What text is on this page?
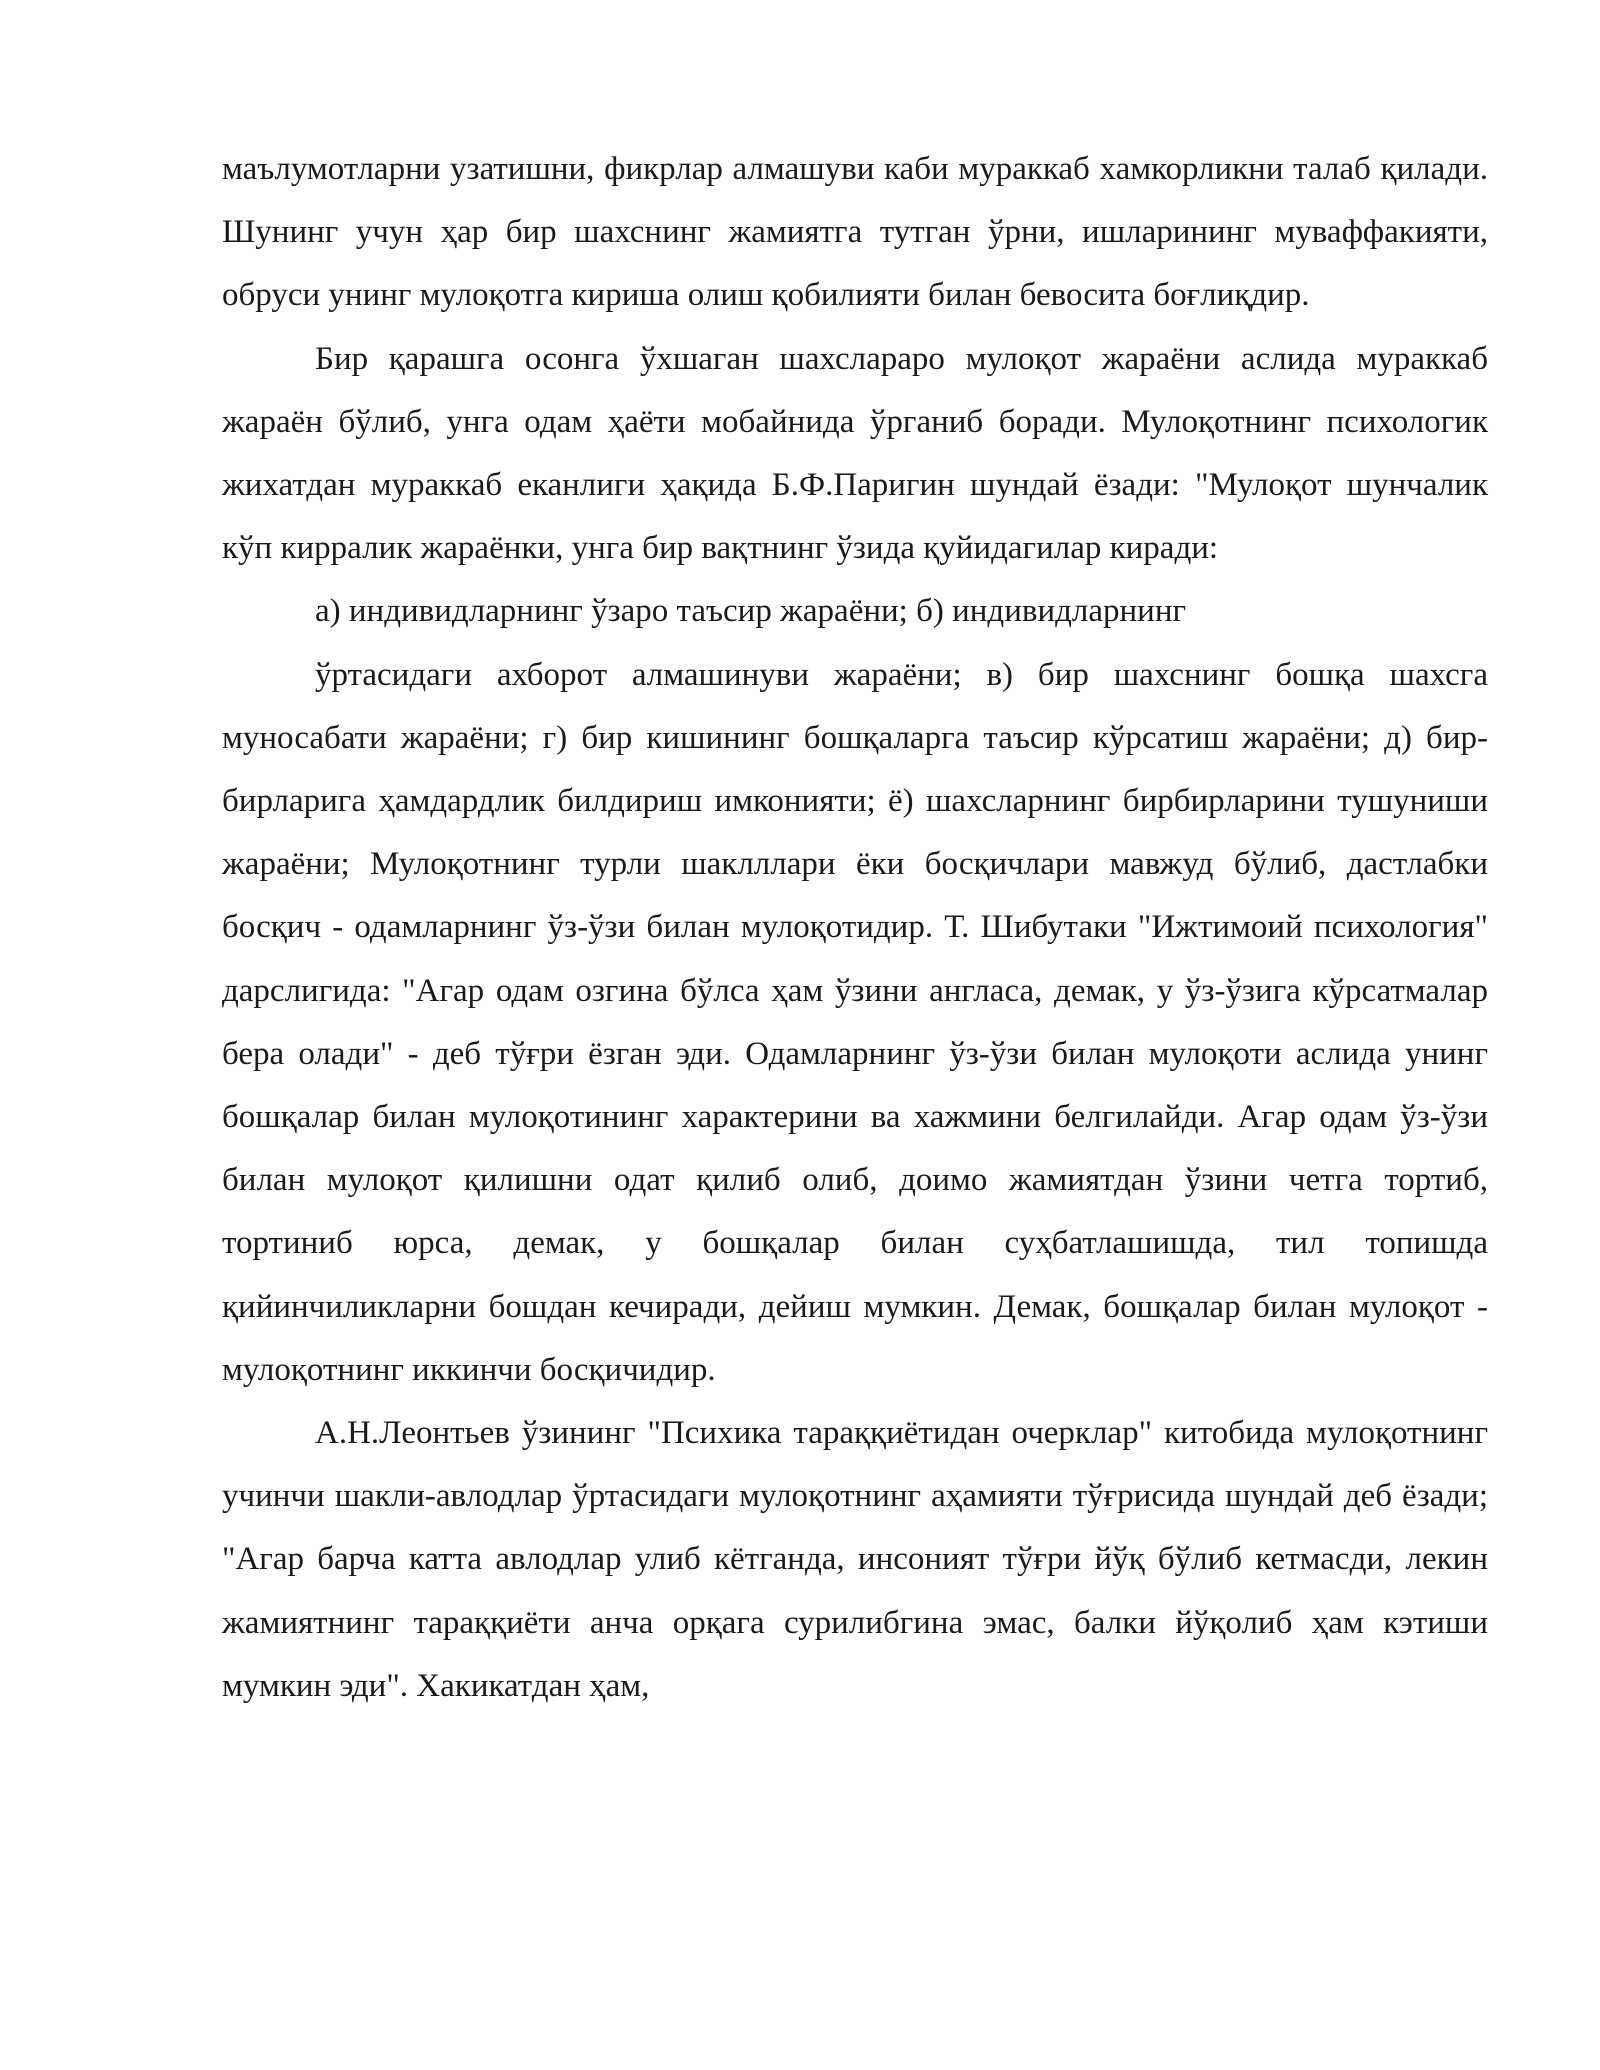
маълумотларни узатишни, фикрлар алмашуви каби мураккаб хамкорликни талаб қилади. Шунинг учун ҳар бир шахснинг жамиятга тутган ўрни, ишларининг муваффакияти, обруси унинг мулоқотга кириша олиш қобилияти билан бевосита боғлиқдир.

Бир қарашга осонга ўхшаган шахслараро мулоқот жараёни аслида мураккаб жараён бўлиб, унга одам ҳаёти мобайнида ўрганиб боради. Мулоқотнинг психологик жихатдан мураккаб еканлиги ҳақида Б.Ф.Паригин шундай ёзади: "Мулоқот шунчалик кўп кирралик жараёнки, унга бир вақтнинг ўзида қуйидагилар киради:

а) индивидларнинг ўзаро таъсир жараёни; б) индивидларнинг

ўртасидаги ахборот алмашинуви жараёни; в) бир шахснинг бошқа шахсга муносабати жараёни; г) бир кишининг бошқаларга таъсир кўрсатиш жараёни; д) бир-бирларига ҳамдардлик билдириш имконияти; ё) шахсларнинг бирбирларини тушуниши жараёни; Мулоқотнинг турли шаклллари ёки босқичлари мавжуд бўлиб, дастлабки босқич - одамларнинг ўз-ўзи билан мулоқотидир. Т. Шибутаки "Ижтимоий психология" дарслигида: "Агар одам озгина бўлса ҳам ўзини англаса, демак, у ўз-ўзига кўрсатмалар бера олади" - деб тўғри ёзган эди. Одамларнинг ўз-ўзи билан мулоқоти аслида унинг бошқалар билан мулоқотининг характерини ва хажмини белгилайди. Агар одам ўз-ўзи билан мулоқот қилишни одат қилиб олиб, доимо жамиятдан ўзини четга тортиб, тортиниб юрса, демак, у бошқалар билан суҳбатлашишда, тил топишда қийинчиликларни бошдан кечиради, дейиш мумкин. Демак, бошқалар билан мулоқот - мулоқотнинг иккинчи босқичидир.

А.Н.Леонтьев ўзининг "Психика тараққиётидан очерклар" китобида мулоқотнинг учинчи шакли-авлодлар ўртасидаги мулоқотнинг аҳамияти тўғрисида шундай деб ёзади; "Агар барча катта авлодлар улиб кётганда, инсоният тўғри йўқ бўлиб кетмасди, лекин жамиятнинг тараққиёти анча орқага сурилибгина эмас, балки йўқолиб ҳам кэтиши мумкин эди". Хакикатдан ҳам,
